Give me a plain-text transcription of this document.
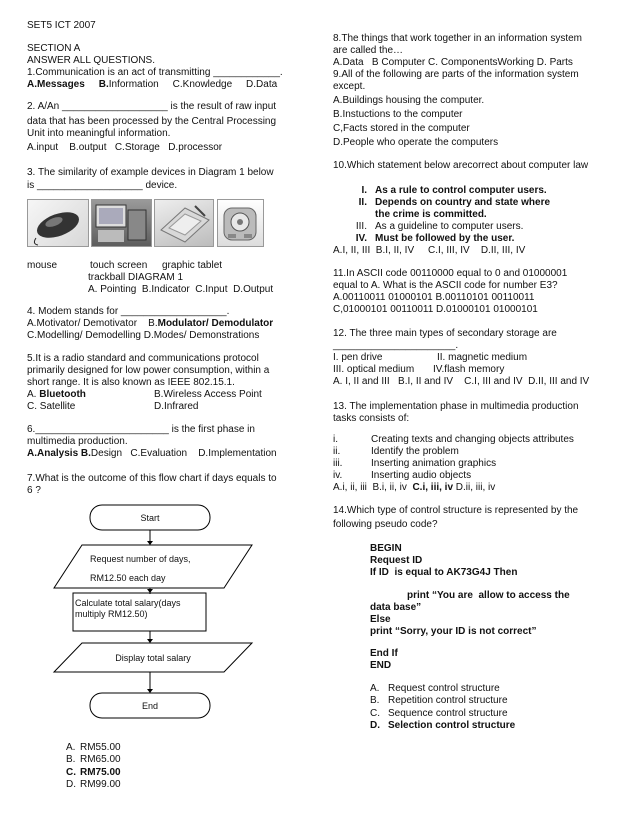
SET5 ICT 2007
SECTION A
ANSWER ALL QUESTIONS.
1.Communication is an act of transmitting ____________.
A.Messages B.Information C.Knowledge D.Data
2. A/An ___________________ is the result of raw input
data that has been processed by the Central Processing
Unit into meaningful information.
A.input    B.output   C.Storage   D.processor
3. The similarity of example devices in Diagram 1 below
is ___________________ device.
mouse	touch screen graphic tablet
trackball DIAGRAM 1
A. Pointing  B.Indicator  C.Input  D.Output
4. Modem stands for ___________________.
A.Motivator/ Demotivator    B.Modulator/ Demodulator
C.Modelling/ Demodelling D.Modes/ Demonstrations
5.It is a radio standard and communications protocol
primarily designed for low power consumption, within a
short range. It is also known as IEEE 802.15.1.
A. Bluetooth	B.Wireless Access Point
C. Satellite	D.Infrared
6.________________________ is the first phase in
multimedia production.
A.Analysis B.Design   C.Evaluation    D.Implementation
7.What is the outcome of this flow chart if days equals to
6 ?
Start
Request number of days,
RM12.50 each day
Calculate total salary(days
multiply RM12.50)
Display total salary
End
A. RM55.00
B. RM65.00
C. RM75.00
D. RM99.00
8.The things that work together in an information system
are called the…
A.Data   B Computer C. ComponentsWorking D. Parts
9.All of the following are parts of the information system
except.
A.Buildings housing the computer.
B.Instuctions to the computer
C,Facts stored in the computer
D.People who operate the computers
10.Which statement below arecorrect about computer law
I. As a rule to control computer users.
II. Depends on country and state where
the crime is committed.
III. As a guideline to computer users.
IV. Must be followed by the user.
A.I, II, III  B.I, II, IV     C.I, III, IV    D.II, III, IV
11.In ASCII code 00110000 equal to 0 and 01000001
equal to A. What is the ASCII code for number E3?
A.00110011 01000101 B.00110101 00110011
C,01000101 00110011 D.01000101 01000101
12. The three main types of secondary storage are
______________________.
I. pen drive	II. magnetic medium
III. optical medium IV.flash memory
A. I, II and III   B.I, II and IV    C.I, III and IV  D.II, III and IV
13. The implementation phase in multimedia production
tasks consists of:
i.	Creating texts and changing objects attributes
ii.	Identify the problem
iii.	Inserting animation graphics
iv.	Inserting audio objects
A.i, ii, iii  B.i, ii, iv  C.i, iii, iv D.ii, iii, iv
14.Which type of control structure is represented by the
following pseudo code?
BEGIN
Request ID
If ID  is equal to AK73G4J Then
print “You are  allow to access the
data base”
Else
print “Sorry, your ID is not correct”
End If
END
A. Request control structure
B. Repetition control structure
C. Sequence control structure
D. Selection control structure
